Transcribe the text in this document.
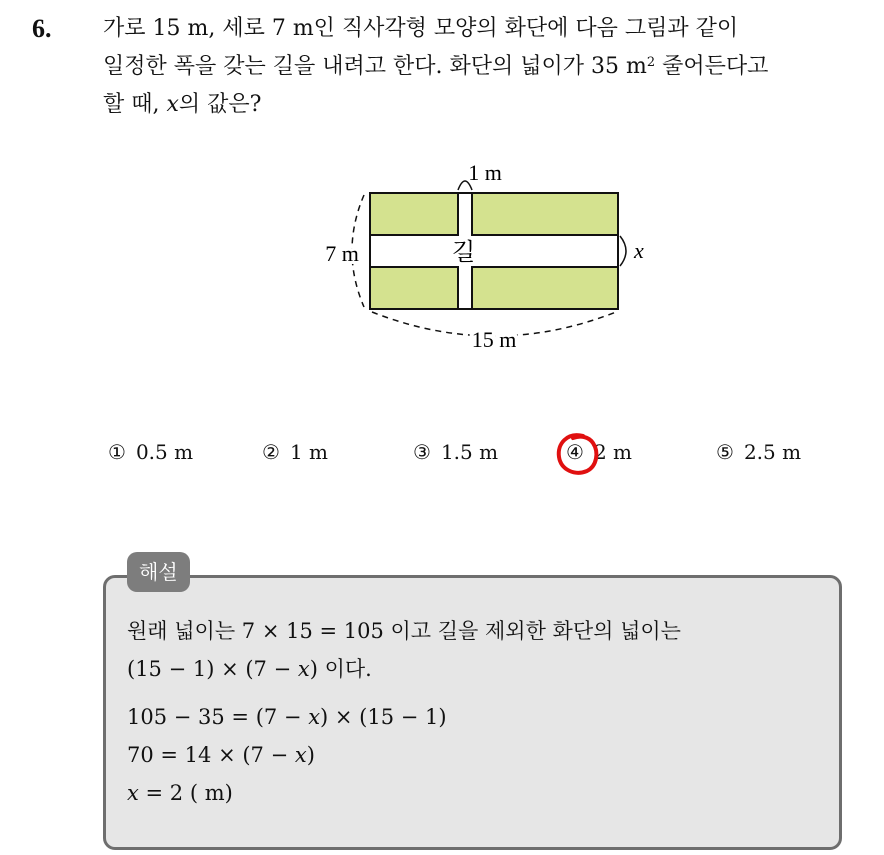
6. 가로 15 m, 세로 7 m인 직사각형 모양의 화단에 다음 그림과 같이
일정한 폭을 갖는 길을 내려고 한다. 화단의 넓이가 35 $m^2$ 줄어든다고
할 때, x의 값은?
1 m
7 m	x
길
15 m
① 0.5 m	② 1 m	③ 1.5 m	④ 2 m	⑤ 2.5 m
해설
원래 넓이는 7 × 15 = 105 이고 길을 제외한 화단의 넓이는
(15 − 1) × (7 − x) 이다.
105 − 35 = (7 − x) × (15 − 1)
70 = 14 × (7 − x)
x = 2 ( m)
